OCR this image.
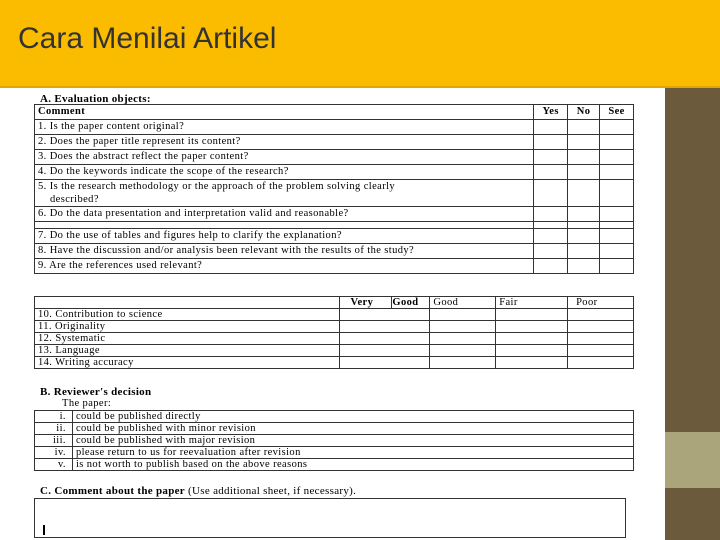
Cara Menilai Artikel
A. Evaluation objects:
Comment	Yes	No	See
1. Is the paper content original?			
2. Does the paper title represent its content?			
3. Does the abstract reflect the paper content?			
4. Do the keywords indicate the scope of the research?			
5. Is the research methodology or the approach of the problem solving clearly
described?			
6. Do the data presentation and interpretation valid and reasonable?			

7. Do the use of tables and figures help to clarify the explanation?			
8. Have the discussion and/or analysis been relevant with the results of the study?			
9. Are the references used relevant?			
	Very	Good	Good	Fair	Poor
10. Contribution to science					
11. Originality					
12. Systematic					
13. Language					
14. Writing accuracy					
B. Reviewer's decision
The paper:
i.	could be published directly
ii.	could be published with minor revision
iii.	could be published with major revision
iv.	please return to us for reevaluation after revision
v.	is not worth to publish based on the above reasons
C. Comment about the paper (Use additional sheet, if necessary).
